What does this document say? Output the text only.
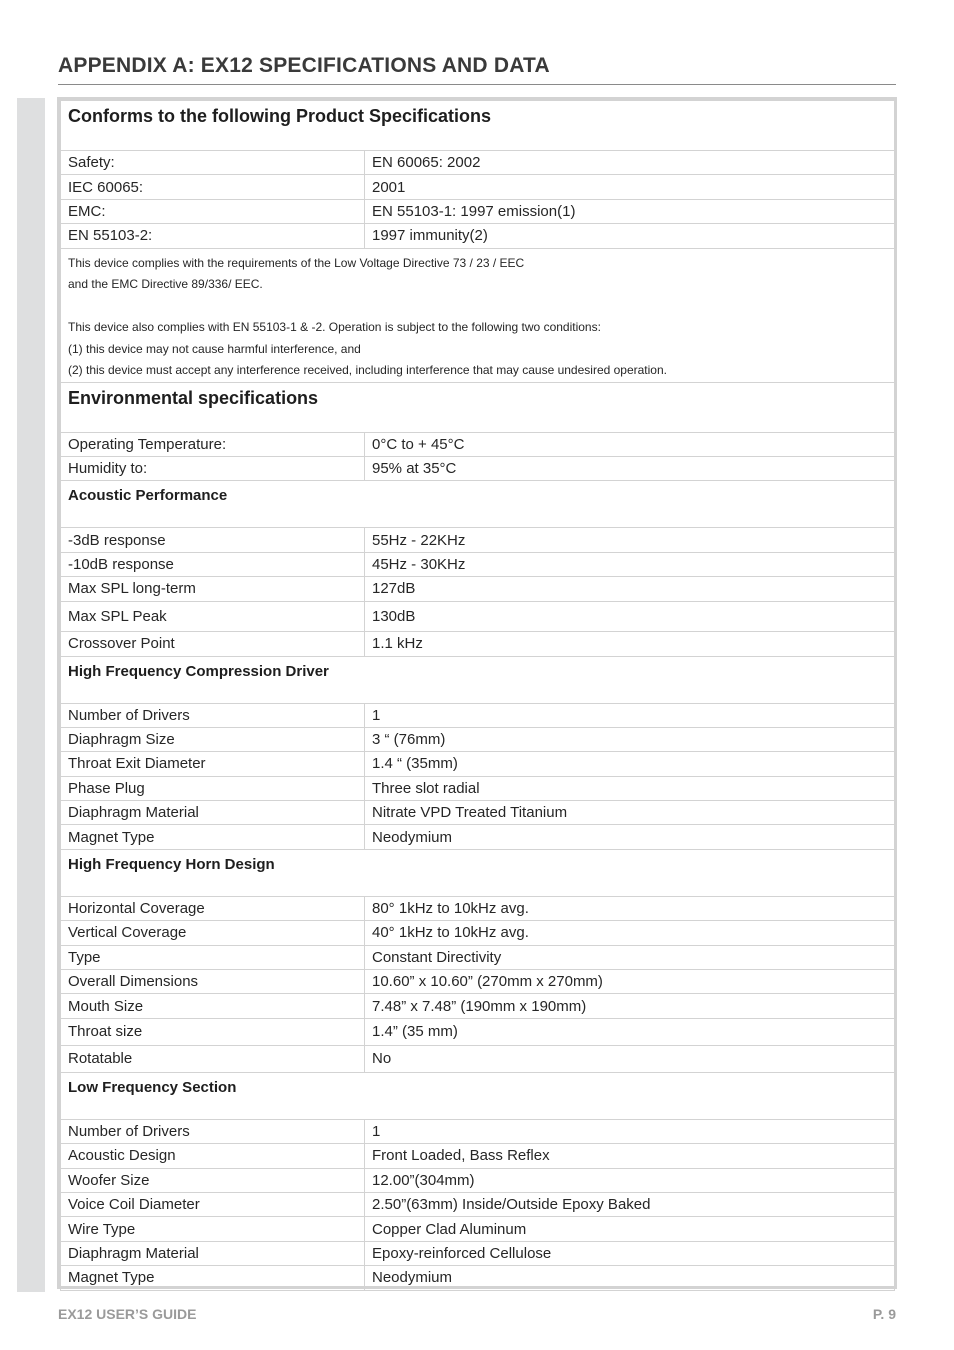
APPENDIX A: EX12 SPECIFICATIONS AND DATA
Conforms to the following Product Specifications	
Safety:	EN 60065: 2002
IEC 60065:	2001
EMC:	EN 55103-1: 1997 emission(1)
EN 55103-2:	1997 immunity(2)

This device complies with the requirements of the Low Voltage Directive 73 / 23 / EEC
and the EMC Directive 89/336/ EEC.
This device also complies with EN 55103-1 & -2. Operation is subject to the following two conditions:
(1) this device may not cause harmful interference, and
(2) this device must accept any interference received, including interference that may cause undesired operation.	

Environmental specifications	
Operating Temperature:	0°C to + 45°C
Humidity to:	95% at 35°C
Acoustic Performance	
-3dB response	55Hz - 22KHz
-10dB response	45Hz - 30KHz
Max SPL long-term	127dB
Max SPL Peak	130dB
Crossover Point	1.1 kHz
High Frequency Compression Driver	
Number of Drivers	1
Diaphragm Size	3 “ (76mm)
Throat Exit Diameter	1.4 “ (35mm)
Phase Plug	Three slot radial
Diaphragm Material	Nitrate VPD Treated Titanium
Magnet Type	Neodymium
High Frequency Horn Design	
Horizontal Coverage	80° 1kHz to 10kHz avg.
Vertical Coverage	40° 1kHz to 10kHz avg.
Type	Constant Directivity
Overall Dimensions	10.60” x 10.60” (270mm x 270mm)
Mouth Size	7.48” x 7.48” (190mm x 190mm)
Throat size	1.4” (35 mm)
Rotatable	No
Low Frequency Section	
Number of Drivers	1
Acoustic Design	Front Loaded, Bass Reflex
Woofer Size	12.00”(304mm)
Voice Coil Diameter	2.50”(63mm) Inside/Outside Epoxy Baked
Wire Type	Copper Clad Aluminum
Diaphragm Material	Epoxy-reinforced Cellulose
Magnet Type	Neodymium
EX12 USER’S GUIDE	P. 9
